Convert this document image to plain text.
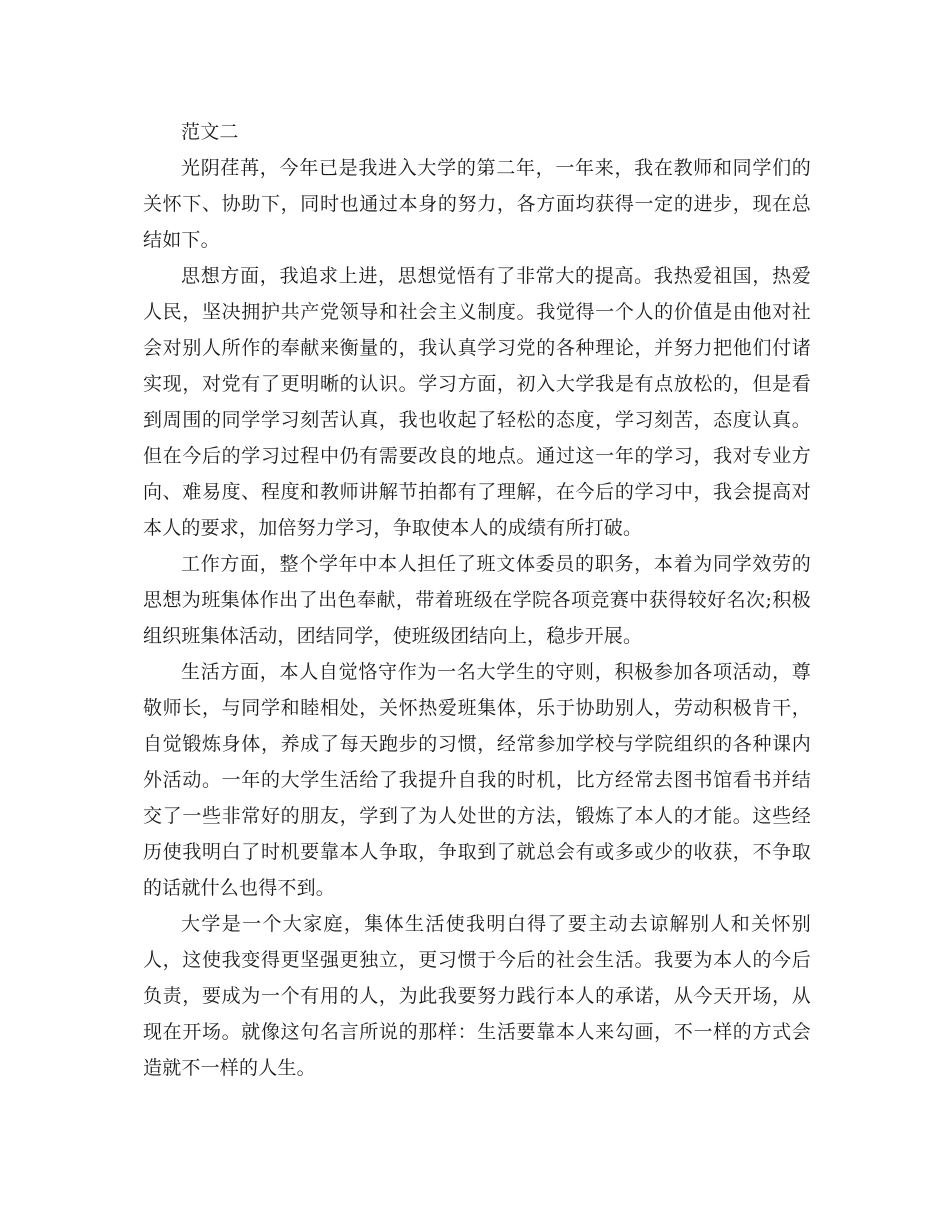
范文二

光阴荏苒，今年已是我进入大学的第二年，一年来，我在教师和同学们的关怀下、协助下，同时也通过本身的努力，各方面均获得一定的进步，现在总结如下。

思想方面，我追求上进，思想觉悟有了非常大的提高。我热爱祖国，热爱人民，坚决拥护共产党领导和社会主义制度。我觉得一个人的价值是由他对社会对别人所作的奉献来衡量的，我认真学习党的各种理论，并努力把他们付诸实现，对党有了更明晰的认识。学习方面，初入大学我是有点放松的，但是看到周围的同学学习刻苦认真，我也收起了轻松的态度，学习刻苦，态度认真。但在今后的学习过程中仍有需要改良的地点。通过这一年的学习，我对专业方向、难易度、程度和教师讲解节拍都有了理解，在今后的学习中，我会提高对本人的要求，加倍努力学习，争取使本人的成绩有所打破。

工作方面，整个学年中本人担任了班文体委员的职务，本着为同学效劳的思想为班集体作出了出色奉献，带着班级在学院各项竞赛中获得较好名次;积极组织班集体活动，团结同学，使班级团结向上，稳步开展。

生活方面，本人自觉恪守作为一名大学生的守则，积极参加各项活动，尊敬师长，与同学和睦相处，关怀热爱班集体，乐于协助别人，劳动积极肯干，自觉锻炼身体，养成了每天跑步的习惯，经常参加学校与学院组织的各种课内外活动。一年的大学生活给了我提升自我的时机，比方经常去图书馆看书并结交了一些非常好的朋友，学到了为人处世的方法，锻炼了本人的才能。这些经历使我明白了时机要靠本人争取，争取到了就总会有或多或少的收获，不争取的话就什么也得不到。

大学是一个大家庭，集体生活使我明白得了要主动去谅解别人和关怀别人，这使我变得更坚强更独立，更习惯于今后的社会生活。我要为本人的今后负责，要成为一个有用的人，为此我要努力践行本人的承诺，从今天开场，从现在开场。就像这句名言所说的那样：生活要靠本人来勾画，不一样的方式会造就不一样的人生。
